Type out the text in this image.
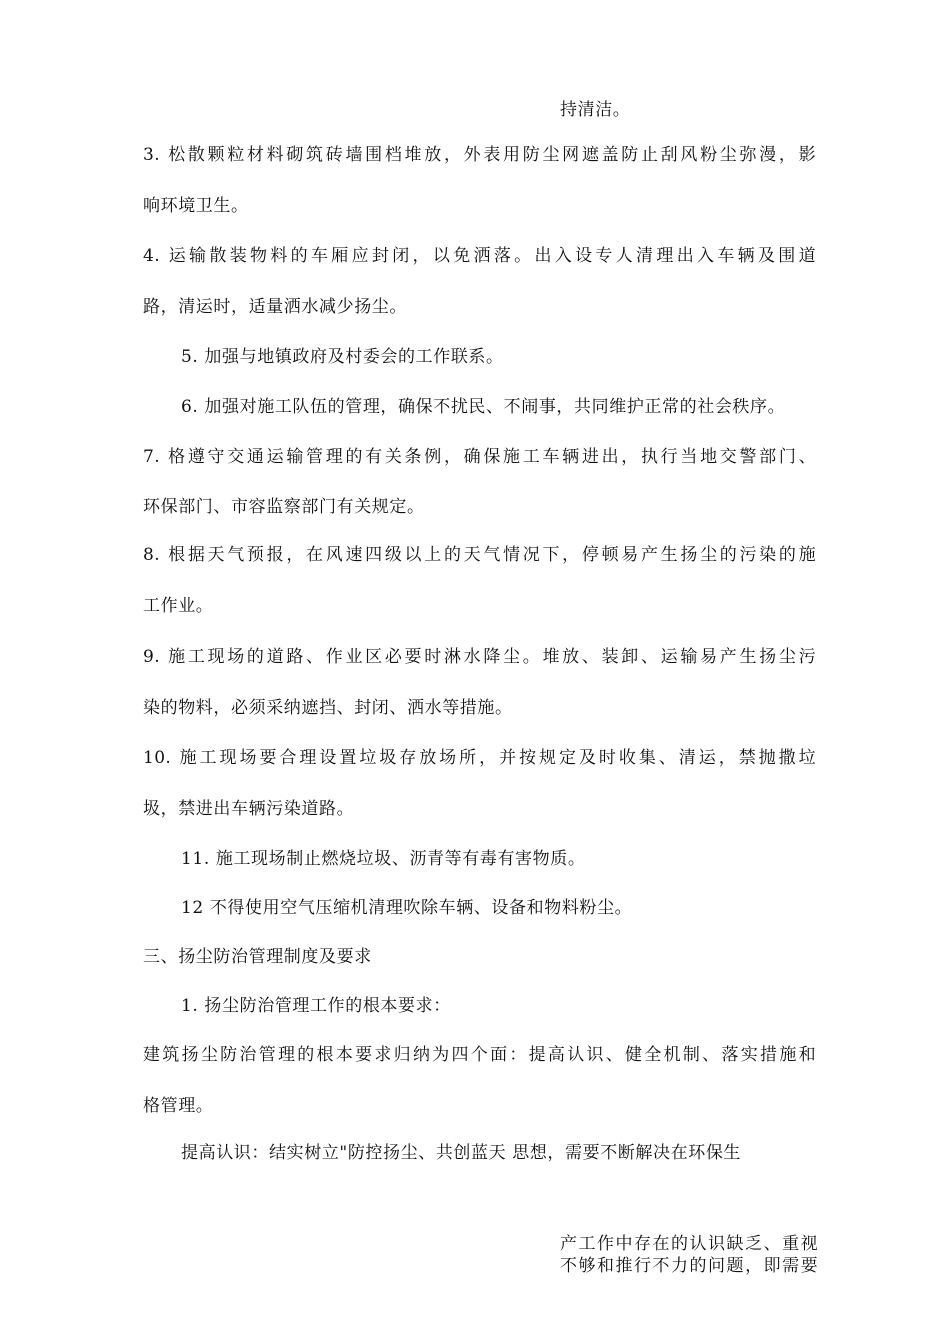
持清洁。
3. 松散颗粒材料砌筑砖墙围档堆放，外表用防尘网遮盖防止刮风粉尘弥漫，影
响环境卫生。
4. 运输散装物料的车厢应封闭，以免洒落。出入设专人清理出入车辆及围道
路，清运时，适量洒水减少扬尘。
5. 加强与地镇政府及村委会的工作联系。
6. 加强对施工队伍的管理，确保不扰民、不闹事，共同维护正常的社会秩序。
7. 格遵守交通运输管理的有关条例，确保施工车辆进出，执行当地交警部门、
环保部门、市容监察部门有关规定。
8. 根据天气预报，在风速四级以上的天气情况下，停顿易产生扬尘的污染的施
工作业。
9. 施工现场的道路、作业区必要时淋水降尘。堆放、装卸、运输易产生扬尘污
染的物料，必须采纳遮挡、封闭、洒水等措施。
10. 施工现场要合理设置垃圾存放场所，并按规定及时收集、清运，禁抛撒垃
圾，禁进出车辆污染道路。
11. 施工现场制止燃烧垃圾、沥青等有毒有害物质。
12 不得使用空气压缩机清理吹除车辆、设备和物料粉尘。
三、扬尘防治管理制度及要求
1. 扬尘防治管理工作的根本要求：
建筑扬尘防治管理的根本要求归纳为四个面：提高认识、健全机制、落实措施和
格管理。
提高认识：结实树立"防控扬尘、共创蓝天 思想，需要不断解决在环保生
产工作中存在的认识缺乏、重视
不够和推行不力的问题，即需要
